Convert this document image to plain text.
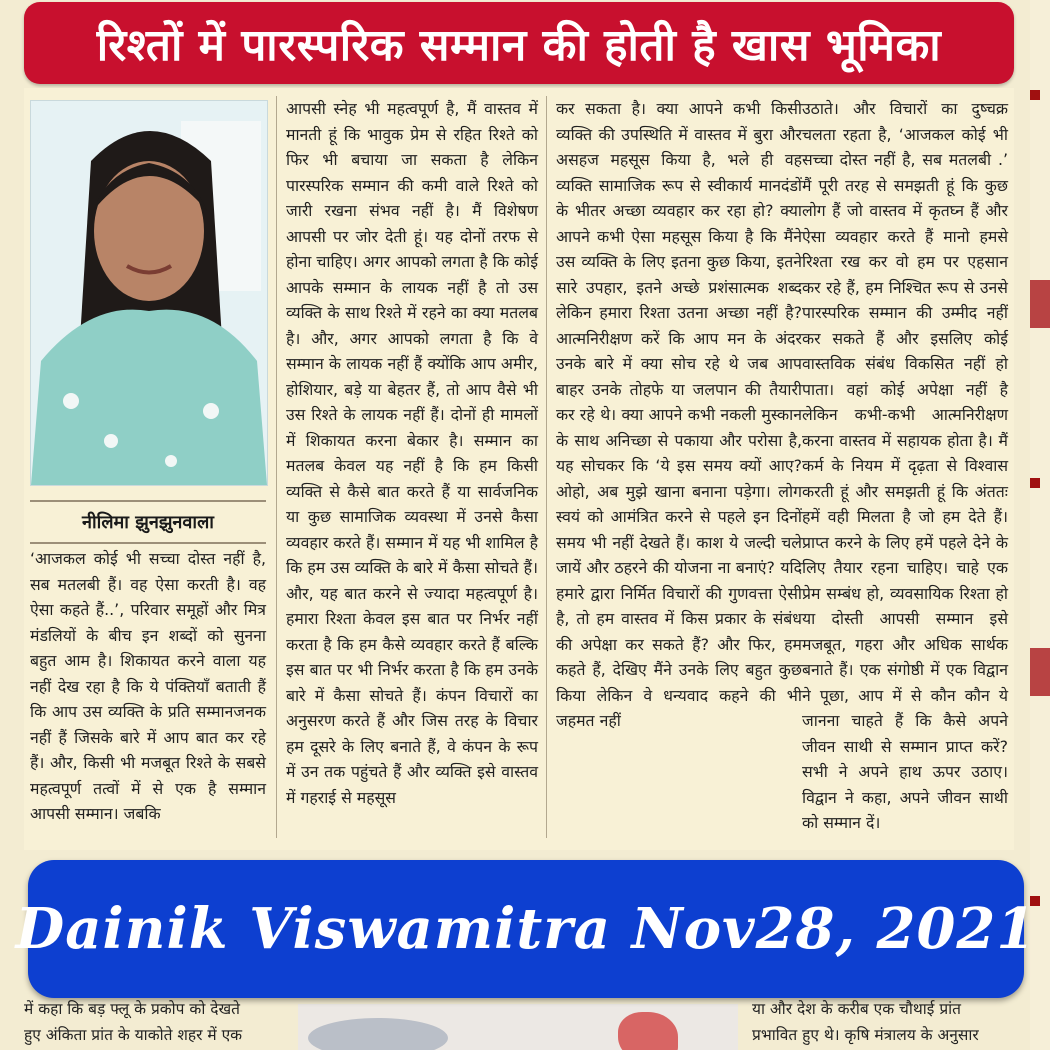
रिश्तों में पारस्परिक सम्मान की होती है खास भूमिका
नीलिमा झुनझुनवाला
‘आजकल कोई भी सच्चा दोस्त नहीं है, सब मतलबी हैं। वह ऐसा करती है। वह ऐसा कहते हैं..’, परिवार समूहों और मित्र मंडलियों के बीच इन शब्दों को सुनना बहुत आम है। शिकायत करने वाला यह नहीं देख रहा है कि ये पंक्तियाँ बताती हैं कि आप उस व्यक्ति के प्रति सम्मानजनक नहीं हैं जिसके बारे में आप बात कर रहे हैं। और, किसी भी मजबूत रिश्ते के सबसे महत्वपूर्ण तत्वों में से एक है सम्मान आपसी सम्मान। जबकि
आपसी स्नेह भी महत्वपूर्ण है, मैं वास्तव में मानती हूं कि भावुक प्रेम से रहित रिश्ते को फिर भी बचाया जा सकता है लेकिन पारस्परिक सम्मान की कमी वाले रिश्ते को जारी रखना संभव नहीं है। मैं विशेषण आपसी पर जोर देती हूं। यह दोनों तरफ से होना चाहिए। अगर आपको लगता है कि कोई आपके सम्मान के लायक नहीं है तो उस व्यक्ति के साथ रिश्ते में रहने का क्या मतलब है। और, अगर आपको लगता है कि वे सम्मान के लायक नहीं हैं क्योंकि आप अमीर, होशियार, बड़े या बेहतर हैं, तो आप वैसे भी उस रिश्ते के लायक नहीं हैं। दोनों ही मामलों में शिकायत करना बेकार है। सम्मान का मतलब केवल यह नहीं है कि हम किसी व्यक्ति से कैसे बात करते हैं या सार्वजनिक या कुछ सामाजिक व्यवस्था में उनसे कैसा व्यवहार करते हैं। सम्मान में यह भी शामिल है कि हम उस व्यक्ति के बारे में कैसा सोचते हैं। और, यह बात करने से ज्यादा महत्वपूर्ण है। हमारा रिश्ता केवल इस बात पर निर्भर नहीं करता है कि हम कैसे व्यवहार करते हैं बल्कि इस बात पर भी निर्भर करता है कि हम उनके बारे में कैसा सोचते हैं। कंपन विचारों का अनुसरण करते हैं और जिस तरह के विचार हम दूसरे के लिए बनाते हैं, वे कंपन के रूप में उन तक पहुंचते हैं और व्यक्ति इसे वास्तव में गहराई से महसूस
कर सकता है। क्या आपने कभी किसी व्यक्ति की उपस्थिति में वास्तव में बुरा और असहज महसूस किया है, भले ही वह व्यक्ति सामाजिक रूप से स्वीकार्य मानदंडों के भीतर अच्छा व्यवहार कर रहा हो? क्या आपने कभी ऐसा महसूस किया है कि मैंने उस व्यक्ति के लिए इतना कुछ किया, इतने सारे उपहार, इतने अच्छे प्रशंसात्मक शब्द लेकिन हमारा रिश्ता उतना अच्छा नहीं है? आत्मनिरीक्षण करें कि आप मन के अंदर उनके बारे में क्या सोच रहे थे जब आप बाहर उनके तोहफे या जलपान की तैयारी कर रहे थे। क्या आपने कभी नकली मुस्कान के साथ अनिच्छा से पकाया और परोसा है, यह सोचकर कि ‘ये इस समय क्यों आए? ओहो, अब मुझे खाना बनाना पड़ेगा। लोग स्वयं को आमंत्रित करने से पहले इन दिनों समय भी नहीं देखते हैं। काश ये जल्दी चले जायें और ठहरने की योजना ना बनाएं? यदि हमारे द्वारा निर्मित विचारों की गुणवत्ता ऐसी है, तो हम वास्तव में किस प्रकार के संबंध की अपेक्षा कर सकते हैं? और फिर, हम कहते हैं, देखिए मैंने उनके लिए बहुत कुछ किया लेकिन वे धन्यवाद कहने की भी जहमत नहीं
उठाते। और विचारों का दुष्चक्र चलता रहता है, ‘आजकल कोई भी सच्चा दोस्त नहीं है, सब मतलबी .’ मैं पूरी तरह से समझती हूं कि कुछ लोग हैं जो वास्तव में कृतघ्न हैं और ऐसा व्यवहार करते हैं मानो हमसे रिश्ता रख कर वो हम पर एहसान कर रहे हैं, हम निश्चित रूप से उनसे पारस्परिक सम्मान की उम्मीद नहीं कर सकते हैं और इसलिए कोई वास्तविक संबंध विकसित नहीं हो पाता। वहां कोई अपेक्षा नहीं है लेकिन कभी-कभी आत्मनिरीक्षण करना वास्तव में सहायक होता है। मैं कर्म के नियम में दृढ़ता से विश्वास करती हूं और समझती हूं कि अंततः हमें वही मिलता है जो हम देते हैं। प्राप्त करने के लिए हमें पहले देने के लिए तैयार रहना चाहिए। चाहे एक प्रेम सम्बंध हो, व्यवसायिक रिश्ता हो या दोस्ती आपसी सम्मान इसे मजबूत, गहरा और अधिक सार्थक बनाते हैं। एक संगोष्ठी में एक विद्वान ने पूछा, आप में से कौन कौन ये जानना चाहते हैं कि कैसे अपने जीवन साथी से सम्मान प्राप्त करें? सभी ने अपने हाथ ऊपर उठाए। विद्वान ने कहा, अपने जीवन साथी को सम्मान दें।
में कहा कि बड़ फ्लू के प्रकोप को देखते
हुए अंकिता प्रांत के याकोते शहर में एक
या और देश के करीब एक चौथाई प्रांत
प्रभावित हुए थे। कृषि मंत्रालय के अनुसार
Dainik Viswamitra Nov28, 2021
